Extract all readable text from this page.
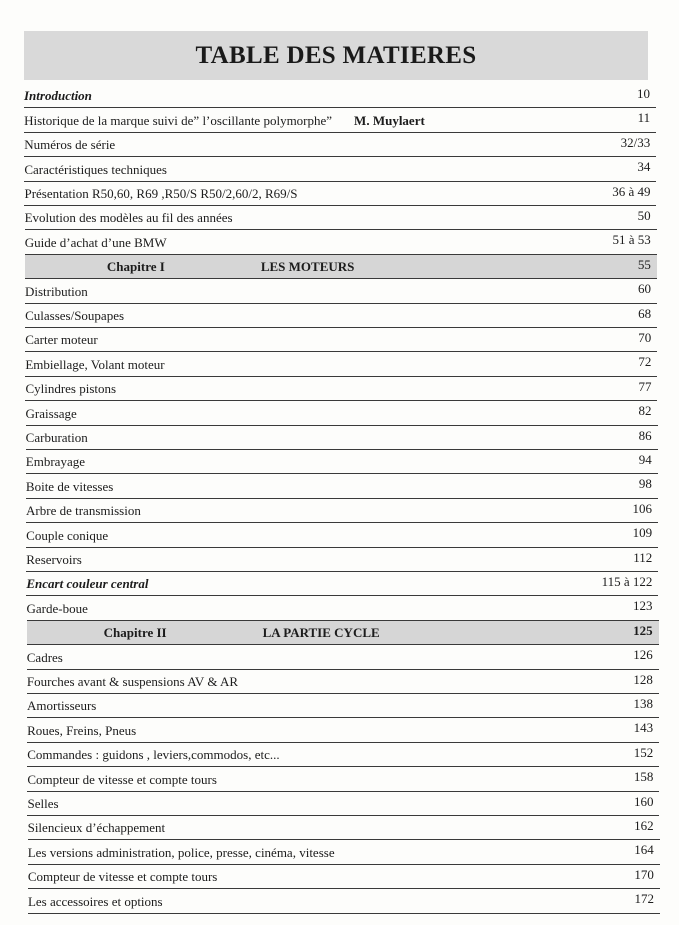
TABLE DES MATIERES
Introduction	10
Historique de la marque suivi de” l’oscillante polymorphe” M. Muylaert	11
Numéros de série	32/33
Caractéristiques techniques	34
Présentation R50,60, R69 ,R50/S R50/2,60/2, R69/S	36 à 49
Evolution des modèles au fil des années	50
Guide d’achat d’une BMW	51 à 53
Chapitre I	LES MOTEURS	55
Distribution	60
Culasses/Soupapes	68
Carter moteur	70
Embiellage, Volant moteur	72
Cylindres pistons	77
Graissage	82
Carburation	86
Embrayage	94
Boite de vitesses	98
Arbre de transmission	106
Couple conique	109
Reservoirs	112
Encart couleur central	115 à 122
Garde-boue	123
Chapitre II	LA PARTIE CYCLE	125
Cadres	126
Fourches avant & suspensions AV & AR	128
Amortisseurs	138
Roues, Freins, Pneus	143
Commandes : guidons , leviers,commodos, etc...	152
Compteur de vitesse et compte tours	158
Selles	160
Silencieux d’échappement	162
Les versions administration, police, presse, cinéma, vitesse	164
Compteur de vitesse et compte tours	170
Les accessoires et options	172
